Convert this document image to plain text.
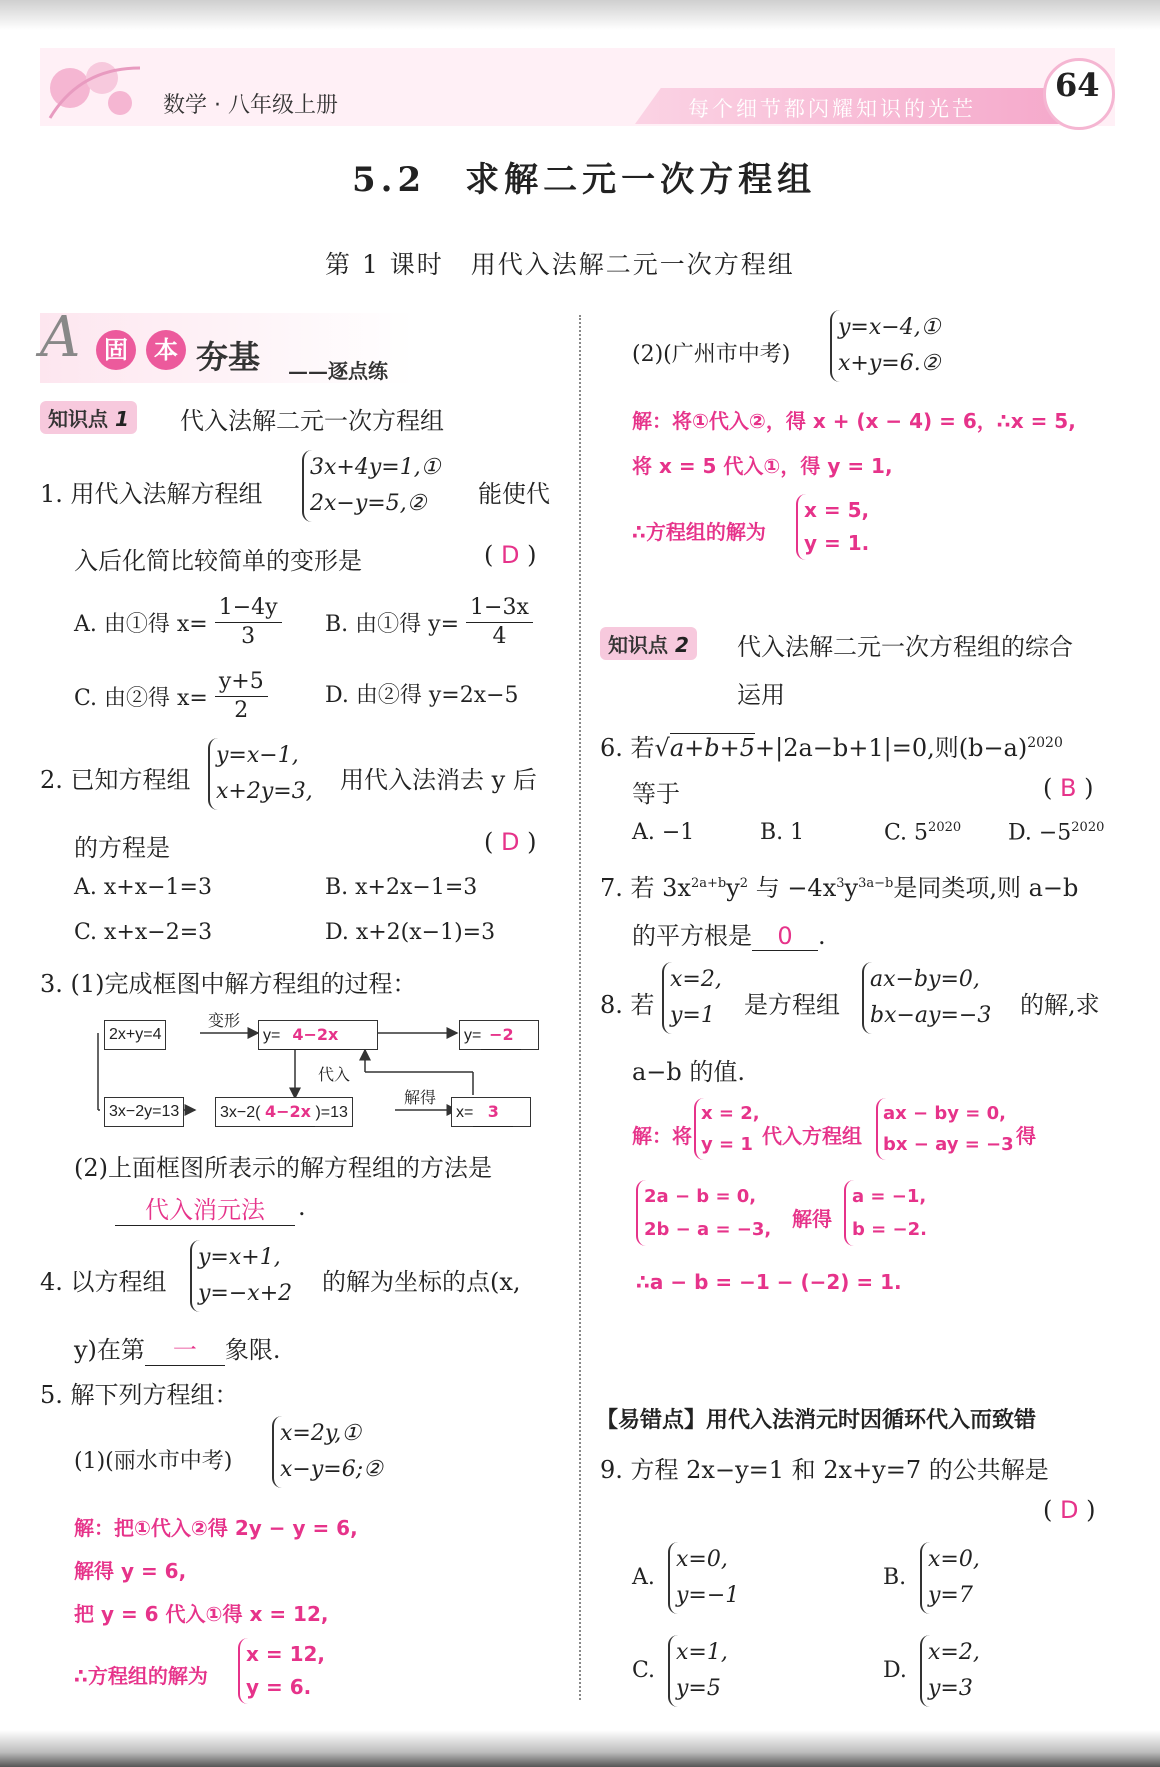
数学 · 八年级上册	每个细节都闪耀知识的光芒
64
5.2　求解二元一次方程组
第 1 课时　用代入法解二元一次方程组
A 固	本 夯基 ——逐点练
知识点 1	代入法解二元一次方程组
1. 用代入法解方程组
3x+4y=1,①
2x−y=5,②	能使代
入后化简比较简单的变形是	( D )
A. 由①得 $x= \frac{1-4y}{3} B$. 由①得 $y= \frac{1-3x}{4}$
C. 由②得 $x= \frac{y+5}{2}$	D. 由②得 y=2x−5
2. 已知方程组
y=x−1,
x+2y=3, 用代入法消去 y 后
的方程是	( D )
A. x+x−1=3	B. x+2x−1=3
C. x+x−2=3	D. x+2(x−1)=3
3. (1)完成框图中解方程组的过程：
2x+y=4
变形
y= 4−2x	y= −2
代入
3x−2y=13	3x−2( 4−2x )=13
解得
x= 3
(2)上面框图所表示的解方程组的方法是
代入消元法	.
4. 以方程组
y=x+1,
y=−x+2 的解为坐标的点(x,
y)在第 一 象限.
5. 解下列方程组：
(1)(丽水市中考)
x=2y,①
x−y=6;②
解：把①代入②得 2y − y = 6,
解得 y = 6,
把 y = 6 代入①得 x = 12,
∴方程组的解为
x = 12,
y = 6.
(2)(广州市中考)
y=x−4,①
x+y=6.②
解：将①代入②，得 x + (x − 4) = 6，∴x = 5,
将 x = 5 代入①，得 y = 1,
∴方程组的解为
x = 5,
y = 1.
知识点 2	代入法解二元一次方程组的综合
运用
6. 若√a+b+5+|2a−b+1|=0,则$(b-a)^{2020}$
等于	( B )
A. −1	B. 1	C. $5^{2020}$ D. $-5^{2020}$
7. 若 $3x^{2a+b}y^2$ 与 $-4x^3y^{3a-b}$是同类项,则 a−b
的平方根是 0 .
8. 若
x=2,
y=1 是方程组
ax−by=0,
bx−ay=−3 的解,求
a−b 的值.
解：将
x = 2,
y = 1 代入方程组
ax − by = 0,
bx − ay = −3 得
2a − b = 0,
2b − a = −3, 解得
a = −1,
b = −2.
∴a − b = −1 − (−2) = 1.
【易错点】用代入法消元时因循环代入而致错
9. 方程 2x−y=1 和 2x+y=7 的公共解是
( D )
A.
x=0,
y=−1
B.
x=0,
y=7
C.
x=1,
y=5
D.
x=2,
y=3
